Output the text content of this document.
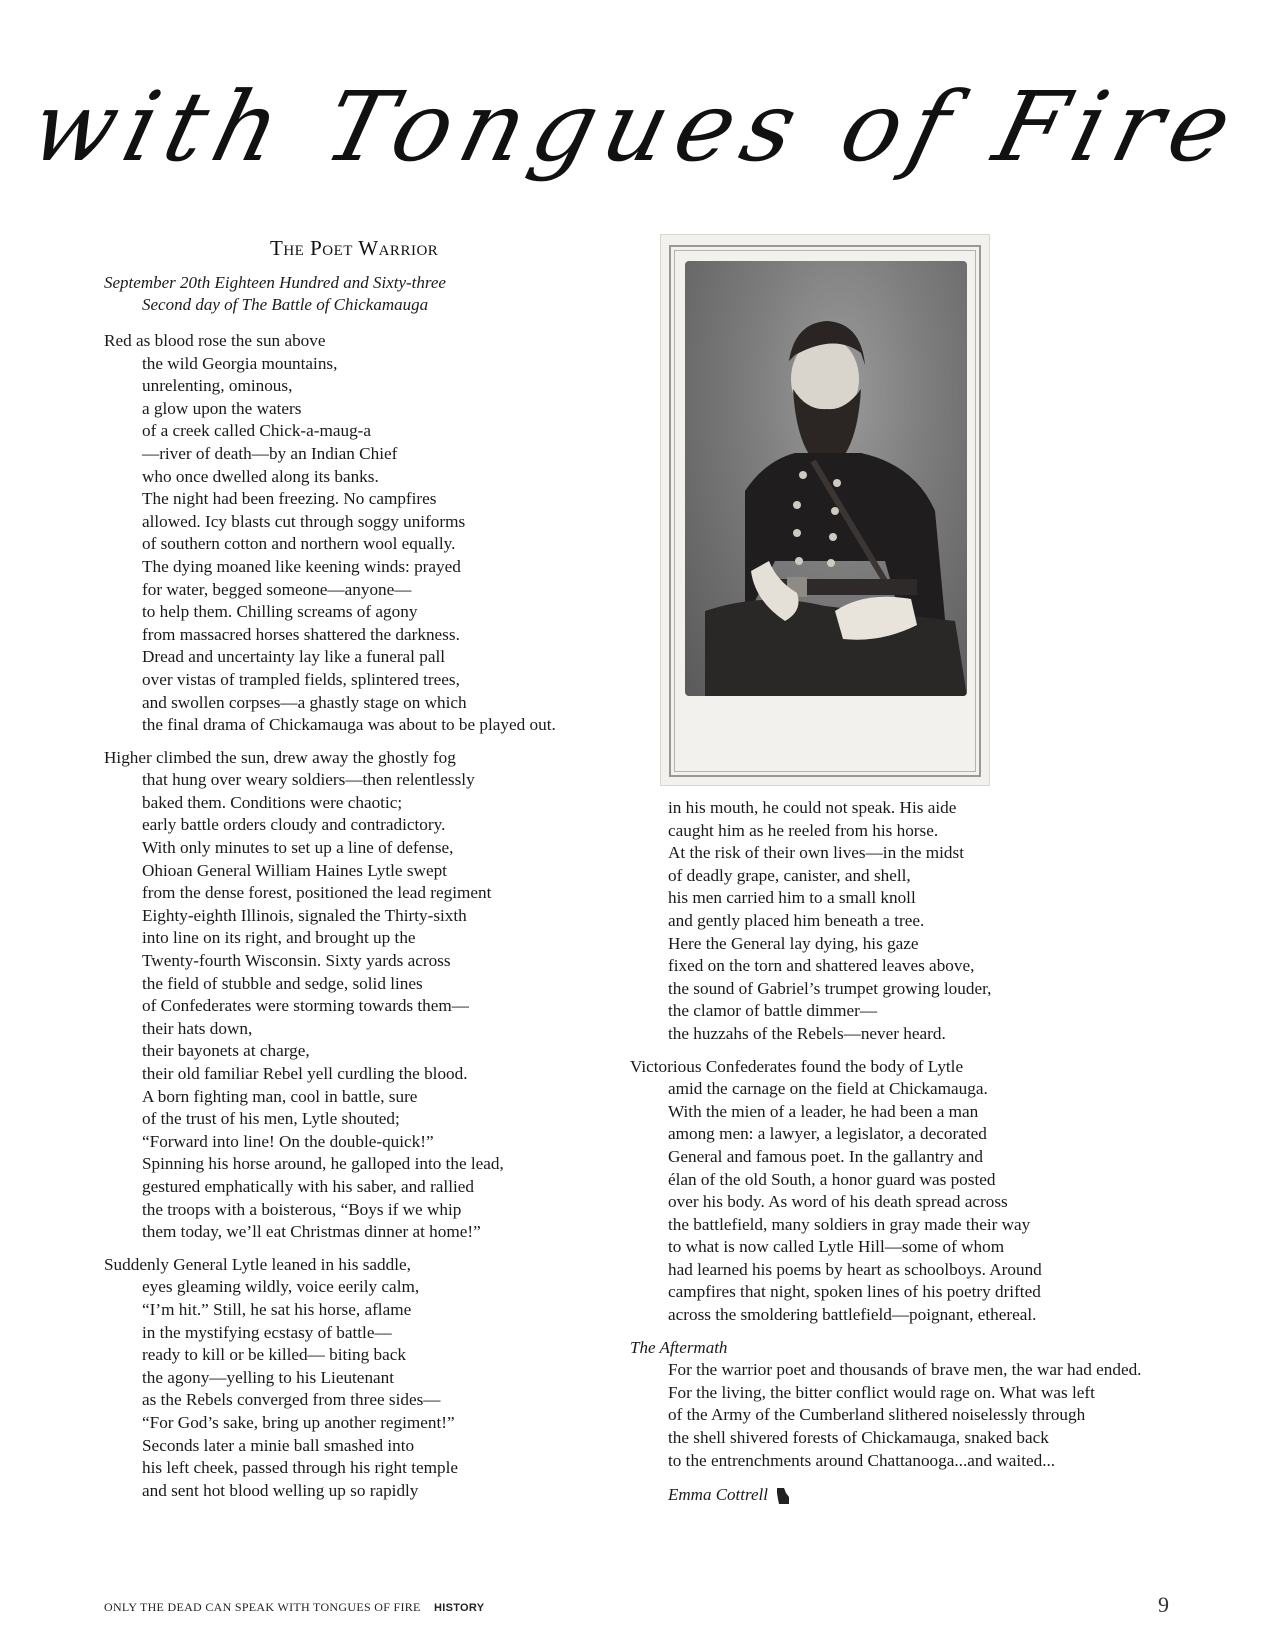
with Tongues of Fire
The Poet Warrior
September 20th Eighteen Hundred and Sixty-three
Second day of The Battle of Chickamauga
Red as blood rose the sun above
the wild Georgia mountains,
unrelenting, ominous,
a glow upon the waters
of a creek called Chick-a-maug-a
—river of death—by an Indian Chief
who once dwelled along its banks.
The night had been freezing. No campfires
allowed. Icy blasts cut through soggy uniforms
of southern cotton and northern wool equally.
The dying moaned like keening winds: prayed
for water, begged someone—anyone—
to help them. Chilling screams of agony
from massacred horses shattered the darkness.
Dread and uncertainty lay like a funeral pall
over vistas of trampled fields, splintered trees,
and swollen corpses—a ghastly stage on which
the final drama of Chickamauga was about to be played out.
Higher climbed the sun, drew away the ghostly fog
that hung over weary soldiers—then relentlessly
baked them. Conditions were chaotic;
early battle orders cloudy and contradictory.
With only minutes to set up a line of defense,
Ohioan General William Haines Lytle swept
from the dense forest, positioned the lead regiment
Eighty-eighth Illinois, signaled the Thirty-sixth
into line on its right, and brought up the
Twenty-fourth Wisconsin. Sixty yards across
the field of stubble and sedge, solid lines
of Confederates were storming towards them—
their hats down,
their bayonets at charge,
their old familiar Rebel yell curdling the blood.
A born fighting man, cool in battle, sure
of the trust of his men, Lytle shouted;
“Forward into line! On the double-quick!”
Spinning his horse around, he galloped into the lead,
gestured emphatically with his saber, and rallied
the troops with a boisterous, “Boys if we whip
them today, we’ll eat Christmas dinner at home!”
Suddenly General Lytle leaned in his saddle,
eyes gleaming wildly, voice eerily calm,
“I’m hit.” Still, he sat his horse, aflame
in the mystifying ecstasy of battle—
ready to kill or be killed— biting back
the agony—yelling to his Lieutenant
as the Rebels converged from three sides—
“For God’s sake, bring up another regiment!”
Seconds later a minie ball smashed into
his left cheek, passed through his right temple
and sent hot blood welling up so rapidly
in his mouth, he could not speak. His aide
caught him as he reeled from his horse.
At the risk of their own lives—in the midst
of deadly grape, canister, and shell,
his men carried him to a small knoll
and gently placed him beneath a tree.
Here the General lay dying, his gaze
fixed on the torn and shattered leaves above,
the sound of Gabriel’s trumpet growing louder,
the clamor of battle dimmer—
the huzzahs of the Rebels—never heard.
Victorious Confederates found the body of Lytle
amid the carnage on the field at Chickamauga.
With the mien of a leader, he had been a man
among men: a lawyer, a legislator, a decorated
General and famous poet. In the gallantry and
élan of the old South, a honor guard was posted
over his body. As word of his death spread across
the battlefield, many soldiers in gray made their way
to what is now called Lytle Hill—some of whom
had learned his poems by heart as schoolboys. Around
campfires that night, spoken lines of his poetry drifted
across the smoldering battlefield—poignant, ethereal.
The Aftermath
For the warrior poet and thousands of brave men, the war had ended.
For the living, the bitter conflict would rage on. What was left
of the Army of the Cumberland slithered noiselessly through
the shell shivered forests of Chickamauga, snaked back
to the entrenchments around Chattanooga...and waited...
Emma Cottrell
ONLY THE DEAD CAN SPEAK WITH TONGUES OF FIRE HISTORY	9
